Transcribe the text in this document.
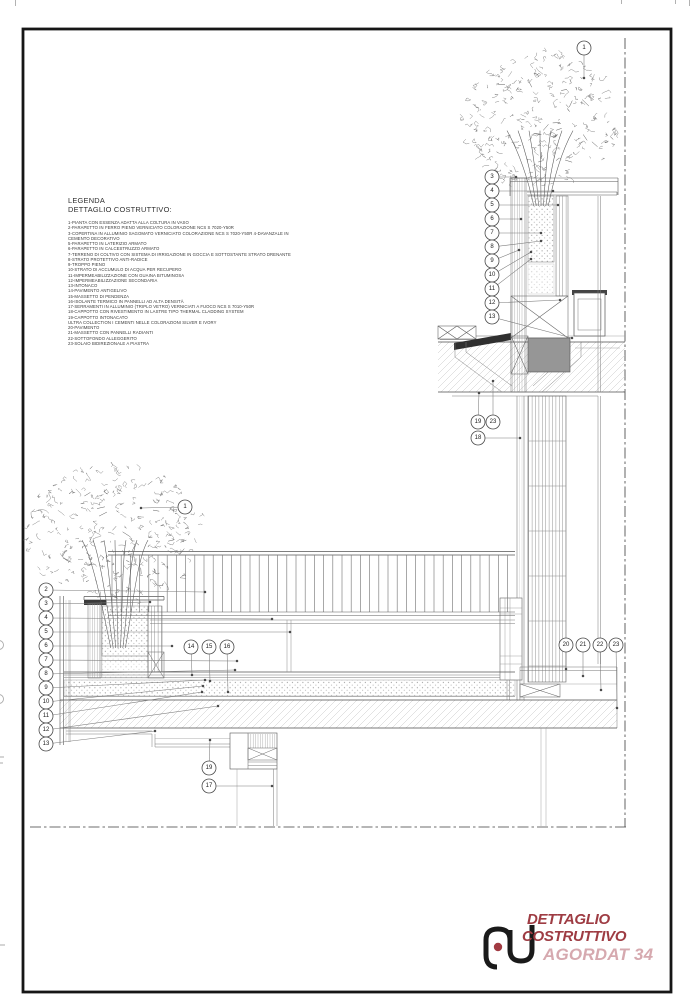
1
3
4
5
6
7
8
9
10
11
12
13
19 23
18
1
2
3
4
5
6
7
8
9
10
11
12
13
14 15 16
19
17
20 21 22 23
LEGENDA
DETTAGLIO COSTRUTTIVO:
1-PIANTA CON ESSENZA ADATTA ALLA COLTURA IN VASO
2-PARAPETTO IN FERRO PIENO VERNICIATO COLORAZIONE NCS S 7020-Y50R
3-COPERTINA IN ALLUMINIO SAGOMATO VERNICIATO COLORAZIONE NCS S 7020-Y50R 4-DAVANZALE IN CEMENTO DECORATIVO
5-PARAPETTO IN LATERIZIO ARMATO
6-PARAPETTO IN CALCESTRUZZO ARMATO
7-TERRENO DI COLTIVO CON SISTEMA DI IRRIGAZIONE IN GOCCIA E SOTTOSTANTE STRATO DRENANTE
8-STRATO PROTETTIVO ANTI-RADICE
9-TROPPO PIENO
10-STRATO DI ACCUMULO DI ACQUA PER RECUPERO
11-IMPERMEABILIZZAZIONE CON GUAINA BITUMINOSA
12-IMPERMEABILIZZAZIONE SECONDARIA
13-INTONACO
14-PAVIMENTO ANTIGELIVO
15-MASSETTO DI PENDENZA
16-ISOLANTE TERMICO IN PANNELLI AD ALTA DENSITÀ
17-SERRAMENTI IN ALLUMINIO (TRIPLO VETRO) VERNICIATI A FUOCO NCS S 7010-Y50R
18-CAPPOTTO CON RIVESTIMENTO IN LASTRE TIPO THERMAL CLADDING SYSTEM
19-CAPPOTTO INTONACATO
ULTRA COLLECTION I CEMENTI NELLE COLORAZIONI SILVER E IVORY
20-PAVIMENTO
21-MASSETTO CON PANNELLI RADIANTI
22-SOTTOFONDO ALLEGGERITO
23-SOLAIO BIDIREZIONALE A PIASTRA
DETTAGLIO
COSTRUTTIVO
AGORDAT 34
